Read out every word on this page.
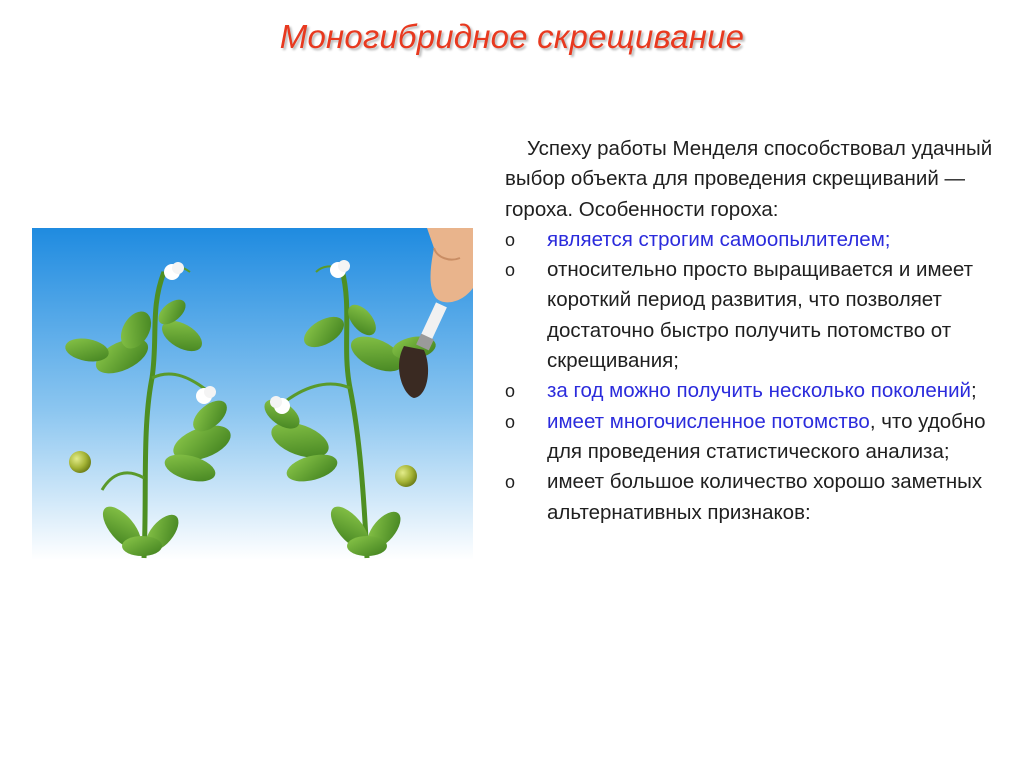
Моногибридное скрещивание

Успеху работы Менделя способствовал удачный выбор объекта для проведения скрещиваний — гороха. Особенности гороха:

o является строгим самоопылителем;
o относительно просто выращивается и имеет короткий период развития, что позволяет достаточно быстро получить потомство от скрещивания;
o за год можно получить несколько поколений;
o имеет многочисленное потомство, что удобно для проведения статистического анализа;
o имеет большое количество хорошо заметных альтернативных признаков:
